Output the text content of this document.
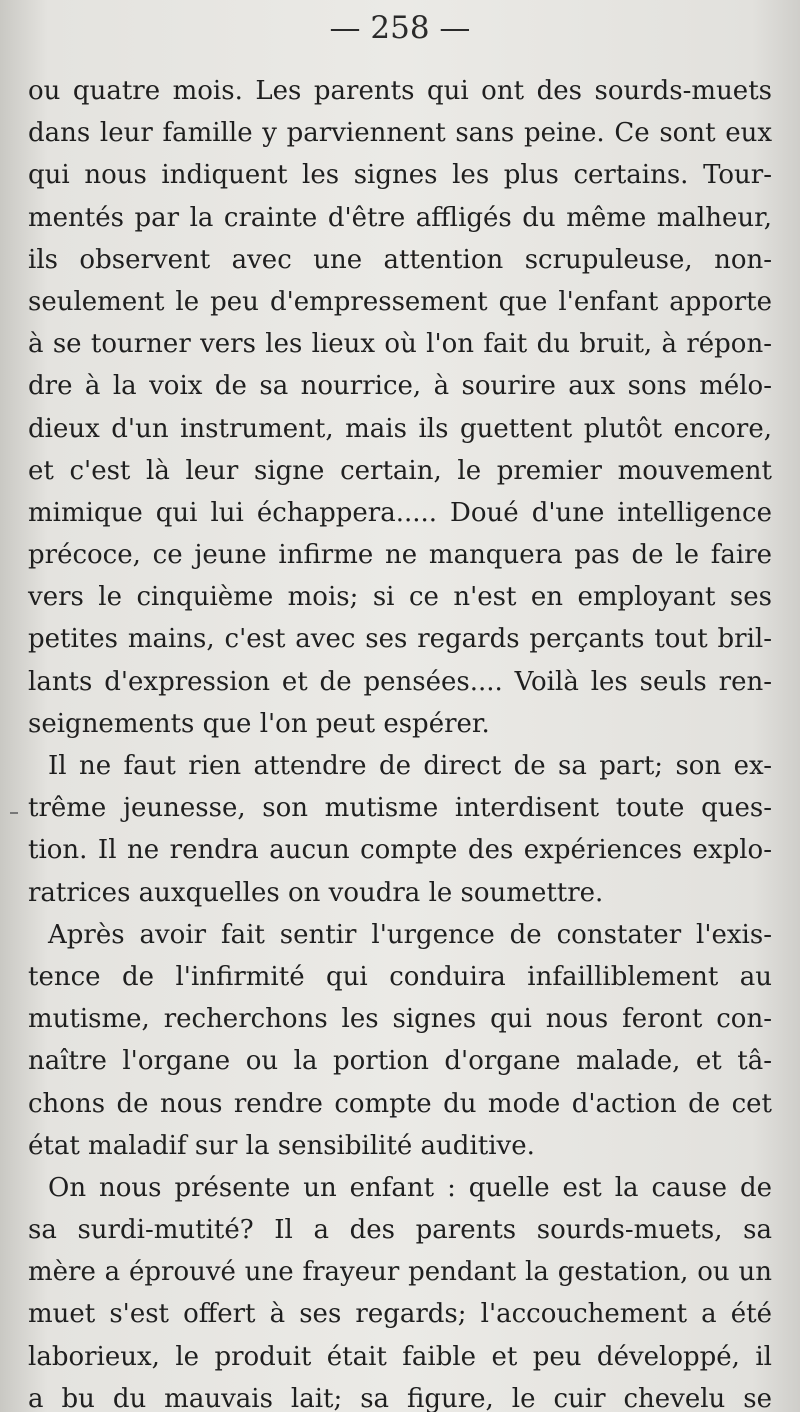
— 258 —
ou quatre mois. Les parents qui ont des sourds-muets
dans leur famille y parviennent sans peine. Ce sont eux
qui nous indiquent les signes les plus certains. Tour-
mentés par la crainte d'être affligés du même malheur,
ils observent avec une attention scrupuleuse, non-
seulement le peu d'empressement que l'enfant apporte
à se tourner vers les lieux où l'on fait du bruit, à répon-
dre à la voix de sa nourrice, à sourire aux sons mélo-
dieux d'un instrument, mais ils guettent plutôt encore,
et c'est là leur signe certain, le premier mouvement
mimique qui lui échappera..... Doué d'une intelligence
précoce, ce jeune infirme ne manquera pas de le faire
vers le cinquième mois; si ce n'est en employant ses
petites mains, c'est avec ses regards perçants tout bril-
lants d'expression et de pensées.... Voilà les seuls ren-
seignements que l'on peut espérer.
Il ne faut rien attendre de direct de sa part; son ex-
trême jeunesse, son mutisme interdisent toute ques-
tion. Il ne rendra aucun compte des expériences explo-
ratrices auxquelles on voudra le soumettre.
Après avoir fait sentir l'urgence de constater l'exis-
tence de l'infirmité qui conduira infailliblement au
mutisme, recherchons les signes qui nous feront con-
naître l'organe ou la portion d'organe malade, et tâ-
chons de nous rendre compte du mode d'action de cet
état maladif sur la sensibilité auditive.
On nous présente un enfant : quelle est la cause de
sa surdi-mutité? Il a des parents sourds-muets, sa
mère a éprouvé une frayeur pendant la gestation, ou un
muet s'est offert à ses regards; l'accouchement a été
laborieux, le produit était faible et peu développé, il
a bu du mauvais lait; sa figure, le cuir chevelu se
